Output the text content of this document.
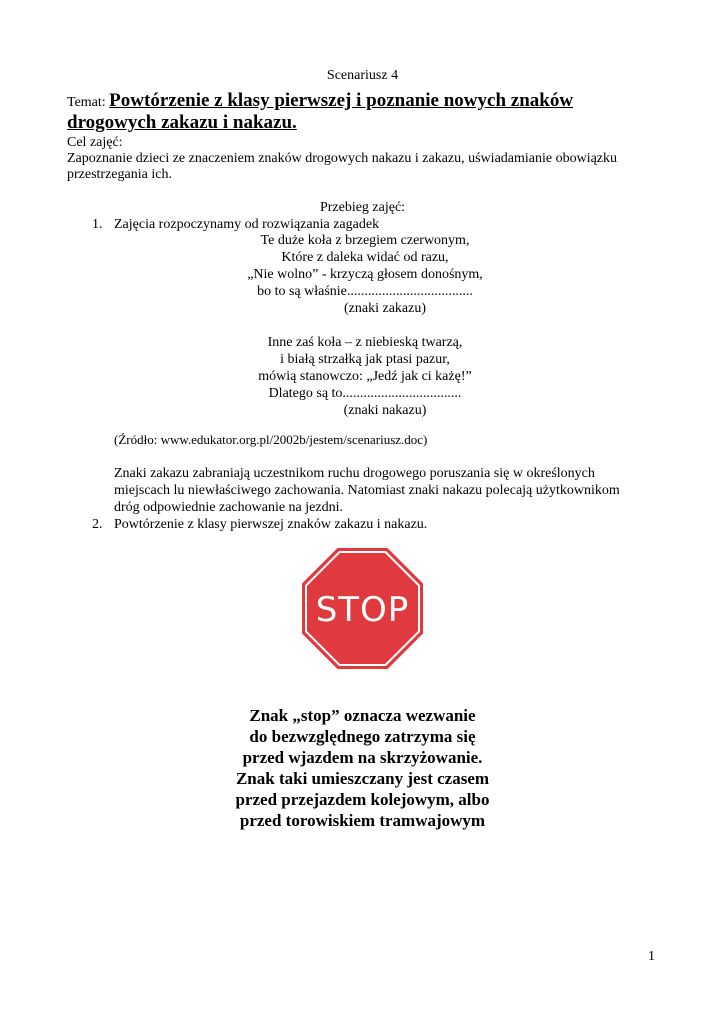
Scenariusz 4
Temat: Powtórzenie z klasy pierwszej i poznanie nowych znaków
drogowych zakazu i nakazu.
Cel zajęć:
Zapoznanie dzieci ze znaczeniem znaków drogowych nakazu i zakazu, uświadamianie obowiązku
przestrzegania ich.
Przebieg zajęć:
1. Zajęcia rozpoczynamy od rozwiązania zagadek
Te duże koła z brzegiem czerwonym,
Które z daleka widać od razu,
„Nie wolno” - krzyczą głosem donośnym,
bo to są właśnie....................................
(znaki zakazu)
Inne zaś koła – z niebieską twarzą,
i białą strzałką jak ptasi pazur,
mówią stanowczo: „Jedź jak ci każę!”
Dlatego są to..................................
(znaki nakazu)
(Źródło: www.edukator.org.pl/2002b/jestem/scenariusz.doc)
Znaki zakazu zabraniają uczestnikom ruchu drogowego poruszania się w określonych
miejscach lu niewłaściwego zachowania. Natomiast znaki nakazu polecają użytkownikom
dróg odpowiednie zachowanie na jezdni.
2. Powtórzenie z klasy pierwszej znaków zakazu i nakazu.
STOP
Znak „stop” oznacza wezwanie
do bezwzględnego zatrzyma się
przed wjazdem na skrzyżowanie.
Znak taki umieszczany jest czasem
przed przejazdem kolejowym, albo
przed torowiskiem tramwajowym
1
